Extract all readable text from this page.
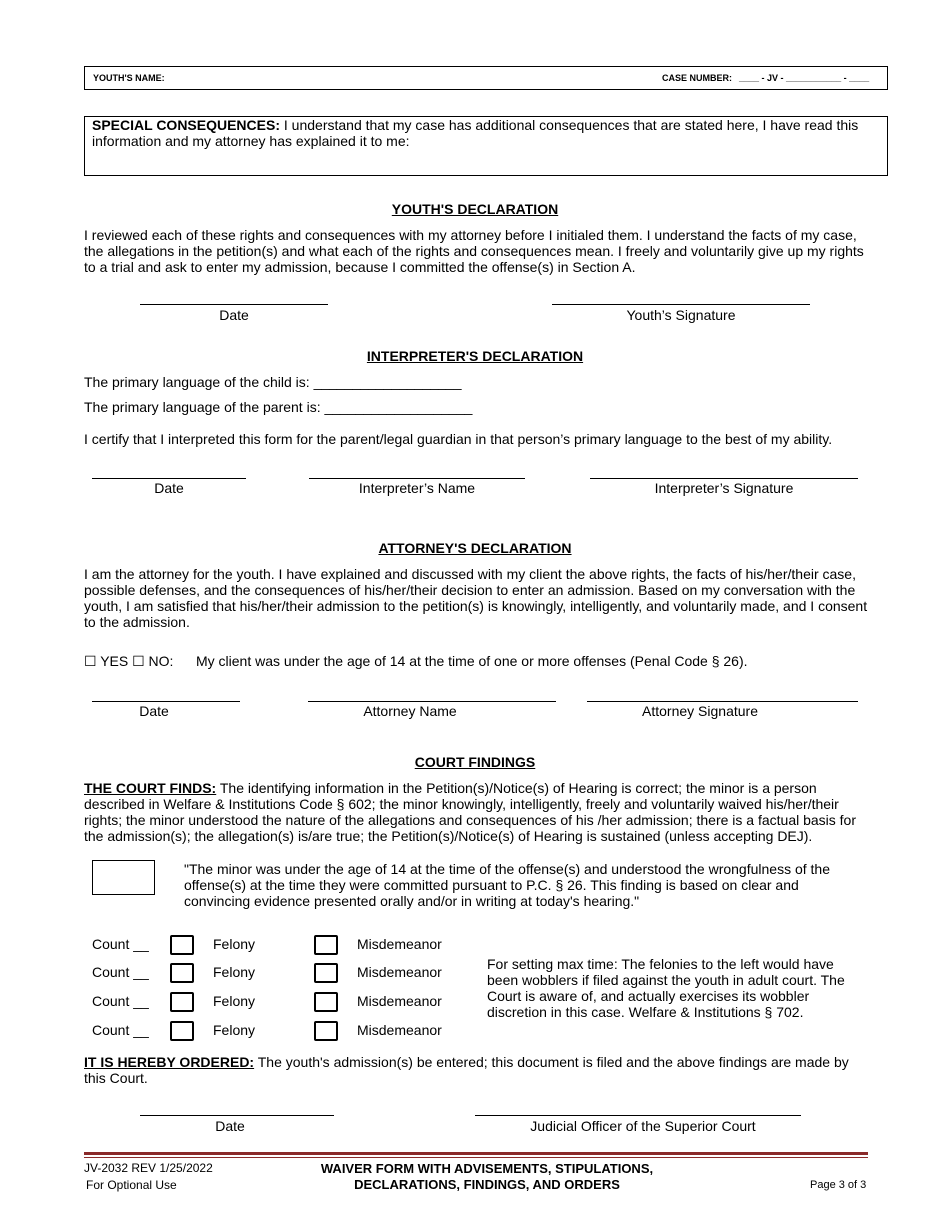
YOUTH'S NAME:	CASE NUMBER: ____ - JV - ___________ - ____
SPECIAL CONSEQUENCES: I understand that my case has additional consequences that are stated here, I have read this information and my attorney has explained it to me:
YOUTH'S DECLARATION
I reviewed each of these rights and consequences with my attorney before I initialed them. I understand the facts of my case, the allegations in the petition(s) and what each of the rights and consequences mean. I freely and voluntarily give up my rights to a trial and ask to enter my admission, because I committed the offense(s) in Section A.
Date	Youth’s Signature
INTERPRETER'S DECLARATION
The primary language of the child is: ___________________
The primary language of the parent is: ___________________
I certify that I interpreted this form for the parent/legal guardian in that person’s primary language to the best of my ability.
Date	Interpreter’s Name	Interpreter’s Signature
ATTORNEY'S DECLARATION
I am the attorney for the youth. I have explained and discussed with my client the above rights, the facts of his/her/their case, possible defenses, and the consequences of his/her/their decision to enter an admission. Based on my conversation with the youth, I am satisfied that his/her/their admission to the petition(s) is knowingly, intelligently, and voluntarily made, and I consent to the admission.
☐ YES ☐ NO: My client was under the age of 14 at the time of one or more offenses (Penal Code § 26).
Date	Attorney Name	Attorney Signature
COURT FINDINGS
THE COURT FINDS: The identifying information in the Petition(s)/Notice(s) of Hearing is correct; the minor is a person described in Welfare & Institutions Code § 602; the minor knowingly, intelligently, freely and voluntarily waived his/her/their rights; the minor understood the nature of the allegations and consequences of his /her admission; there is a factual basis for the admission(s); the allegation(s) is/are true; the Petition(s)/Notice(s) of Hearing is sustained (unless accepting DEJ).
"The minor was under the age of 14 at the time of the offense(s) and understood the wrongfulness of the offense(s) at the time they were committed pursuant to P.C. § 26. This finding is based on clear and convincing evidence presented orally and/or in writing at today's hearing."
Count __	Felony	Misdemeanor
Count __	Felony	Misdemeanor
Count __	Felony	Misdemeanor
Count __	Felony	Misdemeanor
For setting max time: The felonies to the left would have been wobblers if filed against the youth in adult court. The Court is aware of, and actually exercises its wobbler discretion in this case. Welfare & Institutions § 702.
IT IS HEREBY ORDERED: The youth's admission(s) be entered; this document is filed and the above findings are made by this Court.
Date	Judicial Officer of the Superior Court
JV-2032 REV 1/25/2022
For Optional Use
WAIVER FORM WITH ADVISEMENTS, STIPULATIONS,
DECLARATIONS, FINDINGS, AND ORDERS	Page 3 of 3
